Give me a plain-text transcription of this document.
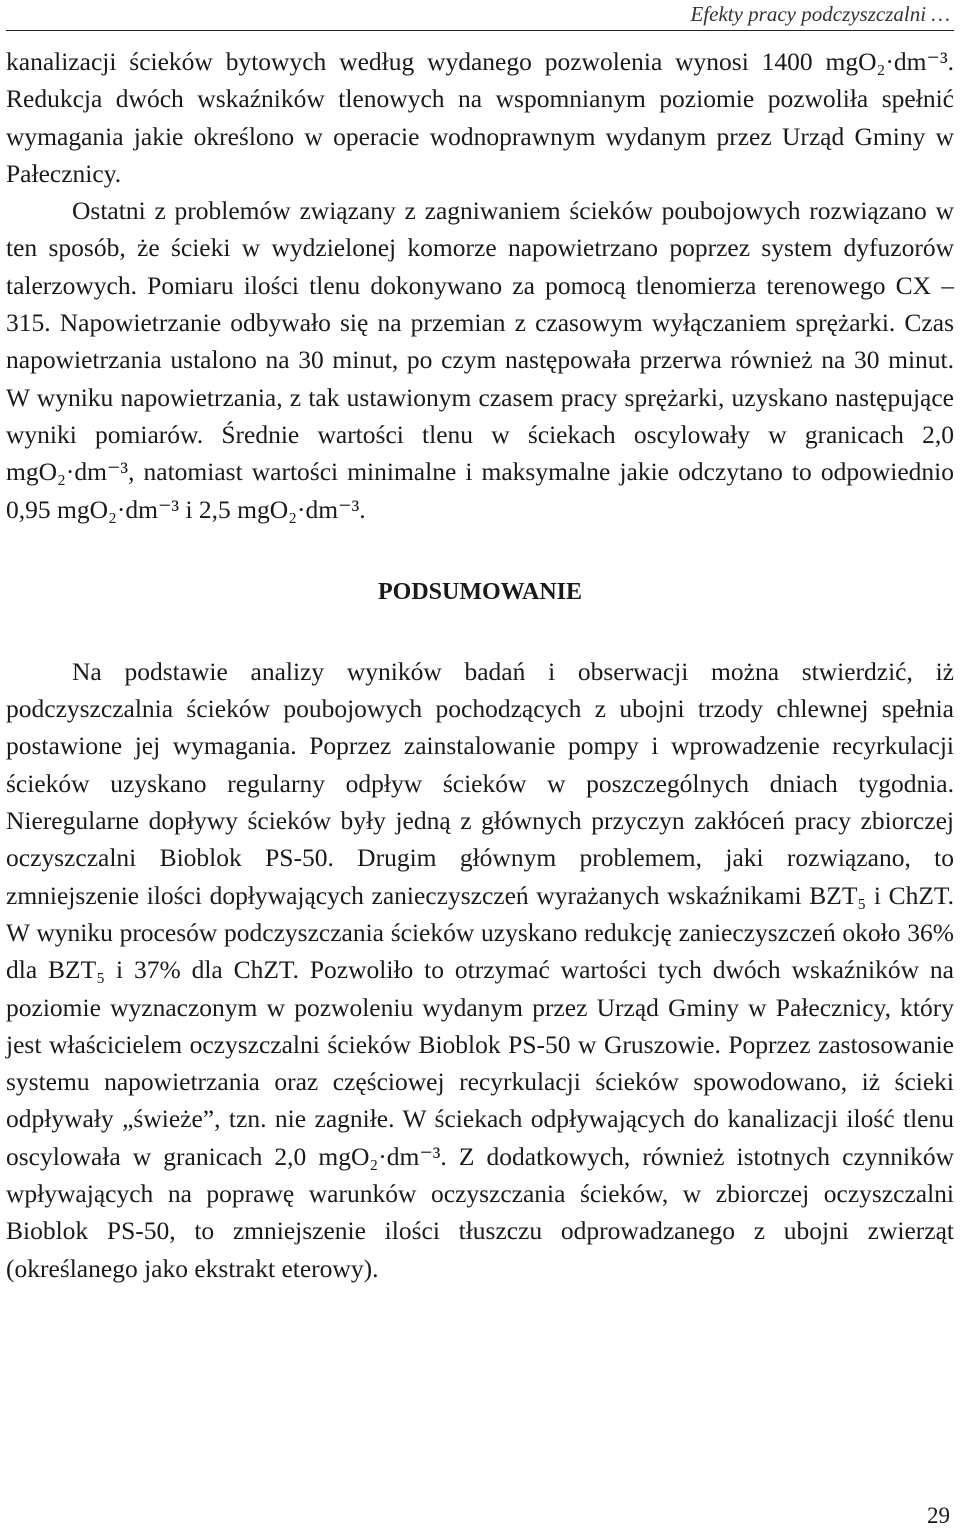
Efekty pracy podczyszczalni …

kanalizacji ścieków bytowych według wydanego pozwolenia wynosi 1400 mgO₂·dm⁻³. Redukcja dwóch wskaźników tlenowych na wspomnianym poziomie pozwoliła spełnić wymagania jakie określono w operacie wodnoprawnym wydanym przez Urząd Gminy w Pałecznicy.

Ostatni z problemów związany z zagniwaniem ścieków poubojowych rozwiązano w ten sposób, że ścieki w wydzielonej komorze napowietrzano poprzez system dyfuzorów talerzowych. Pomiaru ilości tlenu dokonywano za pomocą tlenomierza terenowego CX – 315. Napowietrzanie odbywało się na przemian z czasowym wyłączaniem sprężarki. Czas napowietrzania ustalono na 30 minut, po czym następowała przerwa również na 30 minut. W wyniku napowietrzania, z tak ustawionym czasem pracy sprężarki, uzyskano następujące wyniki pomiarów. Średnie wartości tlenu w ściekach oscylowały w granicach 2,0 mgO₂·dm⁻³, natomiast wartości minimalne i maksymalne jakie odczytano to odpowiednio 0,95 mgO₂·dm⁻³ i 2,5 mgO₂·dm⁻³.

PODSUMOWANIE

Na podstawie analizy wyników badań i obserwacji można stwierdzić, iż podczyszczalnia ścieków poubojowych pochodzących z ubojni trzody chlewnej spełnia postawione jej wymagania. Poprzez zainstalowanie pompy i wprowadzenie recyrkulacji ścieków uzyskano regularny odpływ ścieków w poszczególnych dniach tygodnia. Nieregularne dopływy ścieków były jedną z głównych przyczyn zakłóceń pracy zbiorczej oczyszczalni Bioblok PS-50. Drugim głównym problemem, jaki rozwiązano, to zmniejszenie ilości dopływających zanieczyszczeń wyrażanych wskaźnikami BZT₅ i ChZT. W wyniku procesów podczyszczania ścieków uzyskano redukcję zanieczyszczeń około 36% dla BZT₅ i 37% dla ChZT. Pozwoliło to otrzymać wartości tych dwóch wskaźników na poziomie wyznaczonym w pozwoleniu wydanym przez Urząd Gminy w Pałecznicy, który jest właścicielem oczyszczalni ścieków Bioblok PS-50 w Gruszowie. Poprzez zastosowanie systemu napowietrzania oraz częściowej recyrkulacji ścieków spowodowano, iż ścieki odpływały „świeże”, tzn. nie zagniłe. W ściekach odpływających do kanalizacji ilość tlenu oscylowała w granicach 2,0 mgO₂·dm⁻³. Z dodatkowych, również istotnych czynników wpływających na poprawę warunków oczyszczania ścieków, w zbiorczej oczyszczalni Bioblok PS-50, to zmniejszenie ilości tłuszczu odprowadzanego z ubojni zwierząt (określanego jako ekstrakt eterowy).

29
